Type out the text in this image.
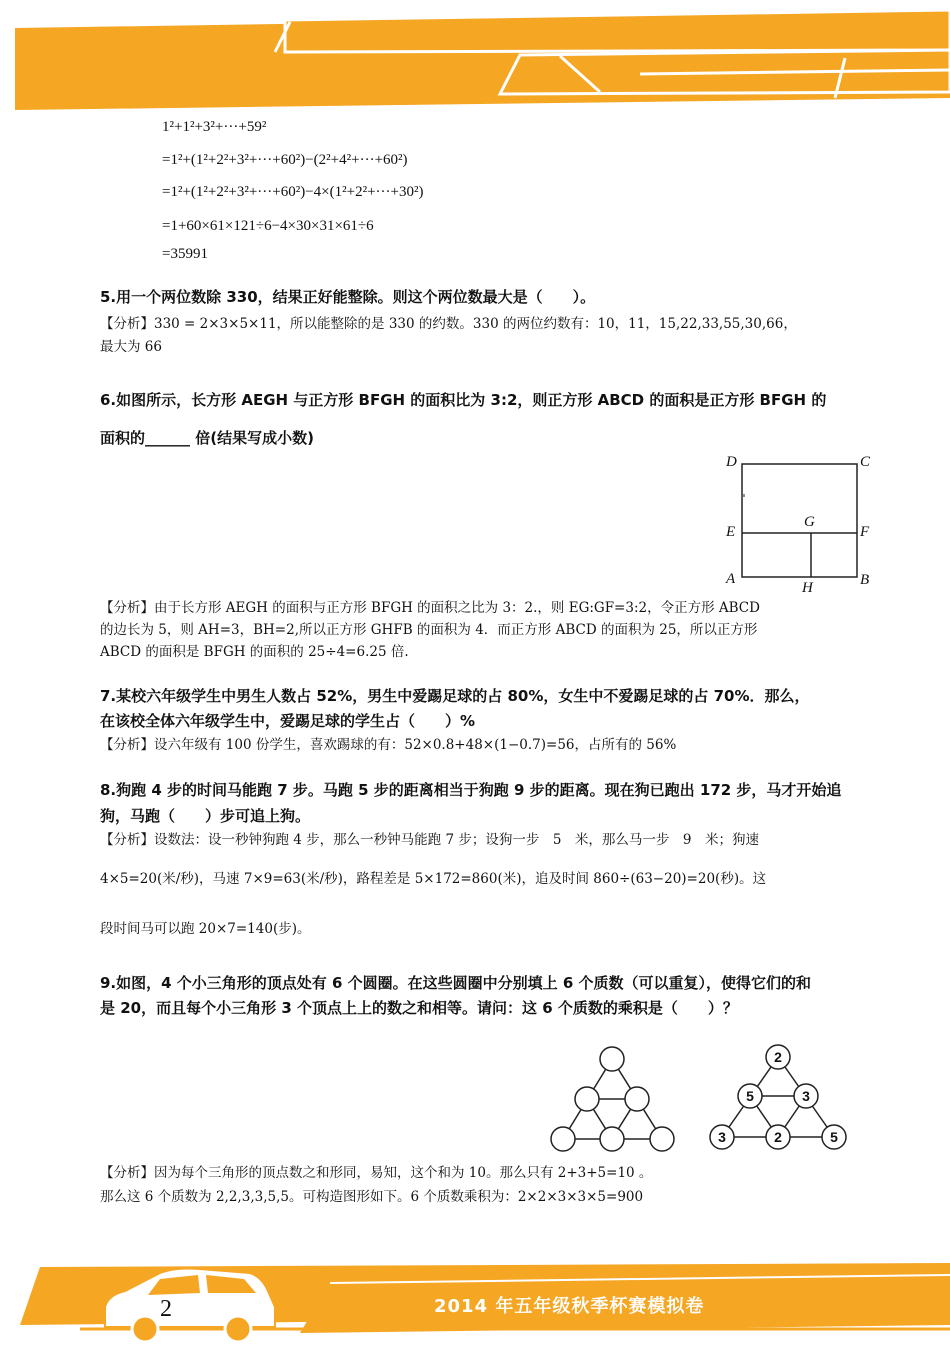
1²+1²+3²+···+59²
=1²+(1²+2²+3²+···+60²)−(2²+4²+···+60²)
=1²+(1²+2²+3²+···+60²)−4×(1²+2²+···+30²)
=1+60×61×121÷6−4×30×31×61÷6
=35991
5.用一个两位数除 330，结果正好能整除。则这个两位数最大是（　　）。
【分析】330 = 2×3×5×11，所以能整除的是 330 的约数。330 的两位约数有：10，11，15,22,33,55,30,66，
最大为 66
6.如图所示，长方形 AEGH 与正方形 BFGH 的面积比为 3:2，则正方形 ABCD 的面积是正方形 BFGH 的
面积的______ 倍(结果写成小数)
D	C
E
G
F
A
H	B
【分析】由于长方形 AEGH 的面积与正方形 BFGH 的面积之比为 3：2.，则 EG:GF=3:2，令正方形 ABCD
的边长为 5，则 AH=3，BH=2,所以正方形 GHFB 的面积为 4．而正方形 ABCD 的面积为 25，所以正方形
ABCD 的面积是 BFGH 的面积的 25÷4=6.25 倍.
7.某校六年级学生中男生人数占 52%，男生中爱踢足球的占 80%，女生中不爱踢足球的占 70%．那么，
在该校全体六年级学生中，爱踢足球的学生占（　　）%
【分析】设六年级有 100 份学生，喜欢踢球的有：52×0.8+48×(1−0.7)=56，占所有的 56%
8.狗跑 4 步的时间马能跑 7 步。马跑 5 步的距离相当于狗跑 9 步的距离。现在狗已跑出 172 步，马才开始追
狗，马跑（　　）步可追上狗。
【分析】设数法：设一秒钟狗跑 4 步，那么一秒钟马能跑 7 步；设狗一步　5　米，那么马一步　9　米；狗速
4×5=20(米/秒)，马速 7×9=63(米/秒)，路程差是 5×172=860(米)，追及时间 860÷(63−20)=20(秒)。这
段时间马可以跑 20×7=140(步)。
9.如图，4 个小三角形的顶点处有 6 个圆圈。在这些圆圈中分别填上 6 个质数（可以重复），使得它们的和
是 20，而且每个小三角形 3 个顶点上上的数之和相等。请问：这 6 个质数的乘积是（　　）？
2
5	3
3	2	5
【分析】因为每个三角形的顶点数之和形同，易知，这个和为 10。那么只有 2+3+5=10 。
那么这 6 个质数为 2,2,3,3,5,5。可构造图形如下。6 个质数乘积为：2×2×3×3×5=900
2	2014 年五年级秋季杯赛模拟卷
